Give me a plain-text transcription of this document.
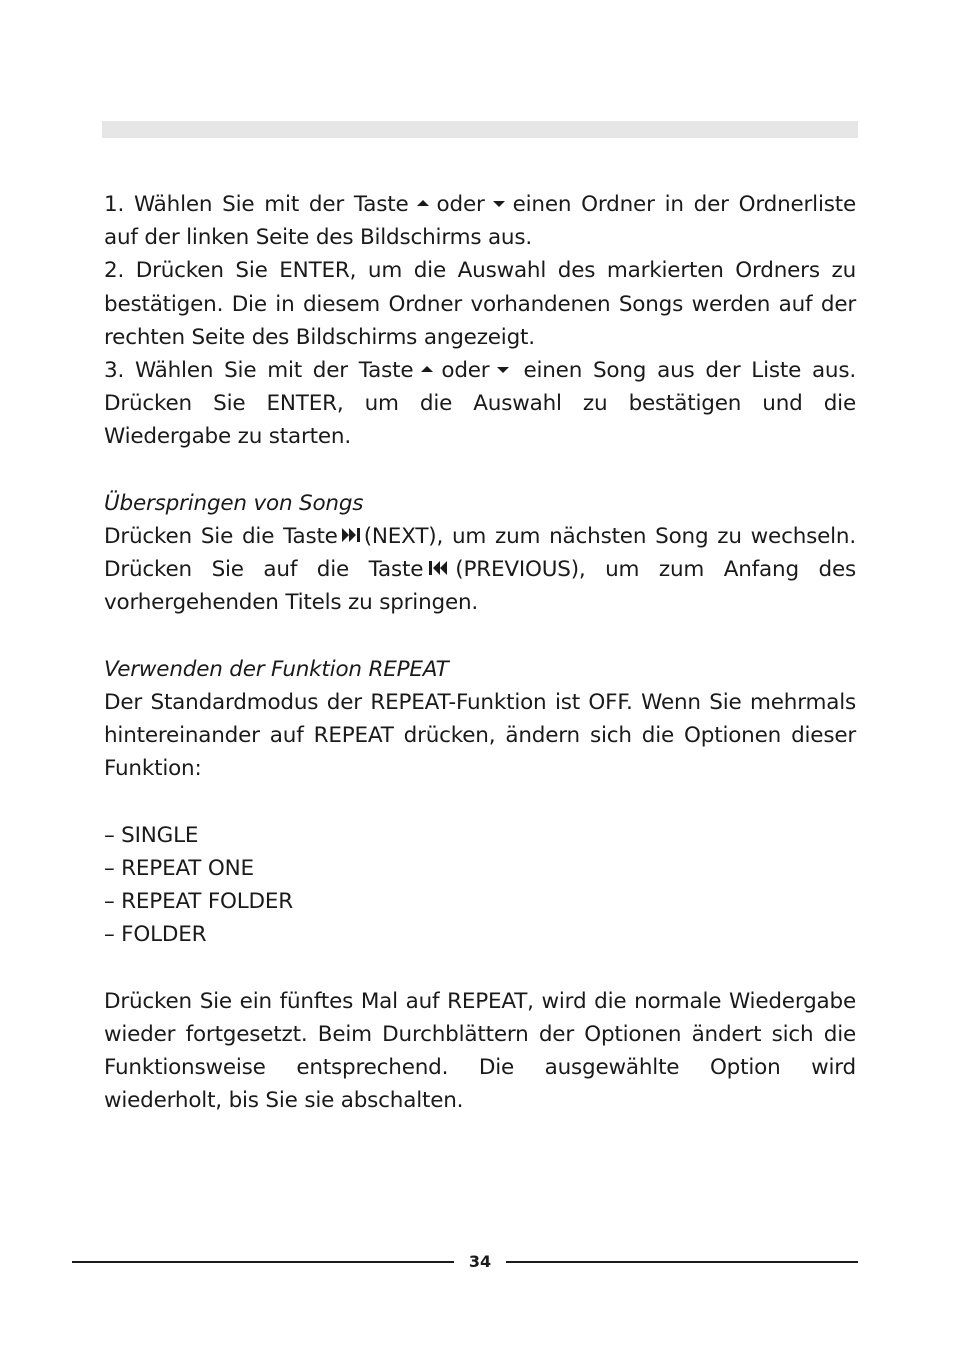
1. Wählen Sie mit der Taste oder einen Ordner in der Ordnerliste auf der linken Seite des Bildschirms aus.

2. Drücken Sie ENTER, um die Auswahl des markierten Ordners zu bestätigen. Die in diesem Ordner vorhandenen Songs werden auf der rechten Seite des Bildschirms angezeigt.

3. Wählen Sie mit der Taste oder einen Song aus der Liste aus. Drücken Sie ENTER, um die Auswahl zu bestätigen und die Wiedergabe zu starten.

Überspringen von Songs

Drücken Sie die Taste (NEXT), um zum nächsten Song zu wechseln. Drücken Sie auf die Taste (PREVIOUS), um zum Anfang des vorhergehenden Titels zu springen.

Verwenden der Funktion REPEAT

Der Standardmodus der REPEAT-Funktion ist OFF. Wenn Sie mehrmals hintereinander auf REPEAT drücken, ändern sich die Optionen dieser Funktion:

– SINGLE

– REPEAT ONE

– REPEAT FOLDER

– FOLDER

Drücken Sie ein fünftes Mal auf REPEAT, wird die normale Wiedergabe wieder fortgesetzt. Beim Durchblättern der Optionen ändert sich die Funktionsweise entsprechend. Die ausgewählte Option wird wiederholt, bis Sie sie abschalten.

34
